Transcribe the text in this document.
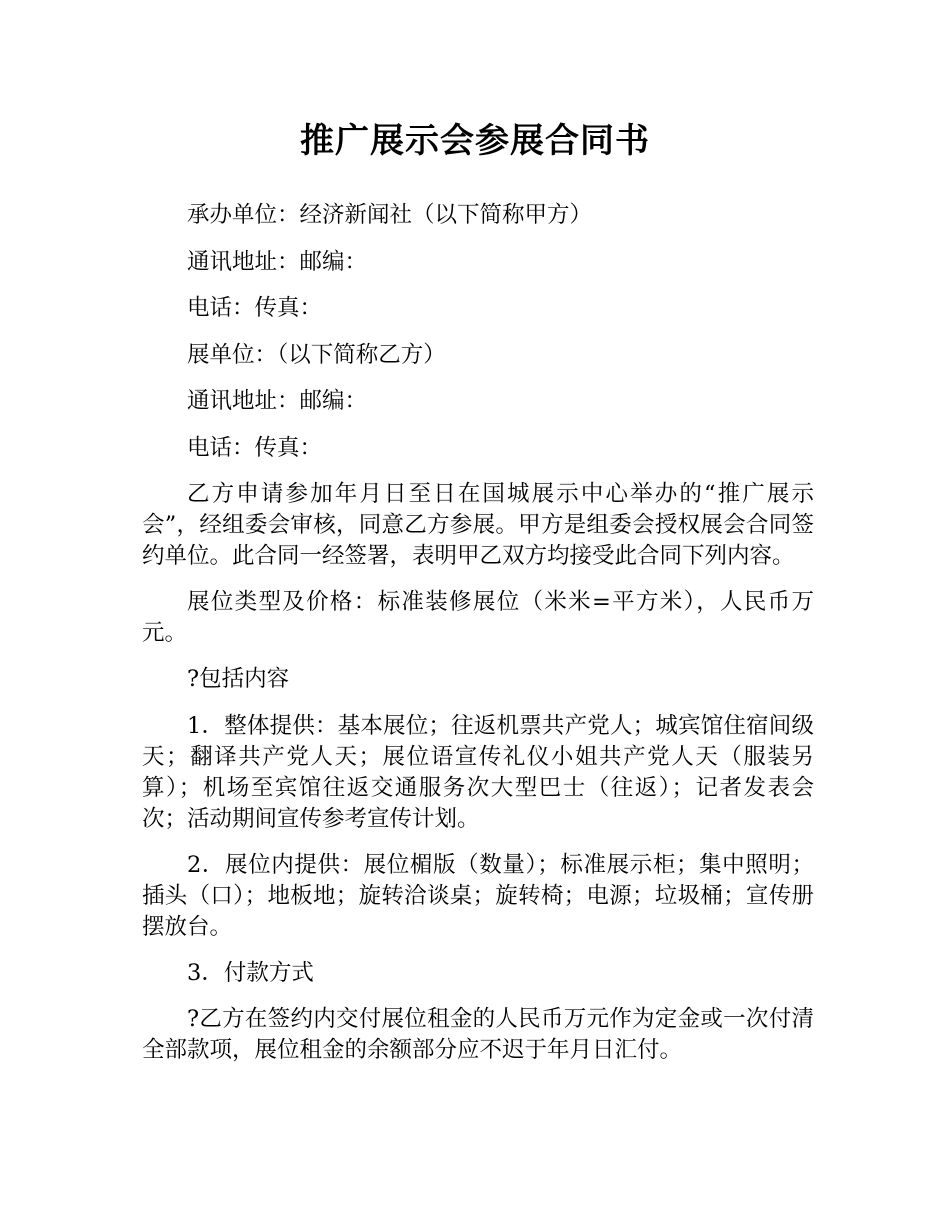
推广展示会参展合同书

承办单位：经济新闻社（以下简称甲方）

通讯地址：邮编：

电话：传真：

展单位：（以下简称乙方）

通讯地址：邮编：

电话：传真：

乙方申请参加年月日至日在国城展示中心举办的“推广展示会”，经组委会审核，同意乙方参展。甲方是组委会授权展会合同签约单位。此合同一经签署，表明甲乙双方均接受此合同下列内容。

展位类型及价格：标准装修展位（米米=平方米），人民币万元。

?包括内容

1．整体提供：基本展位；往返机票共产党人；城宾馆住宿间级天；翻译共产党人天；展位语宣传礼仪小姐共产党人天（服装另算）；机场至宾馆往返交通服务次大型巴士（往返）；记者发表会次；活动期间宣传参考宣传计划。

2．展位内提供：展位楣版（数量）；标准展示柜；集中照明；插头（口）；地板地；旋转洽谈桌；旋转椅；电源；垃圾桶；宣传册摆放台。

3．付款方式

?乙方在签约内交付展位租金的人民币万元作为定金或一次付清全部款项，展位租金的余额部分应不迟于年月日汇付。
